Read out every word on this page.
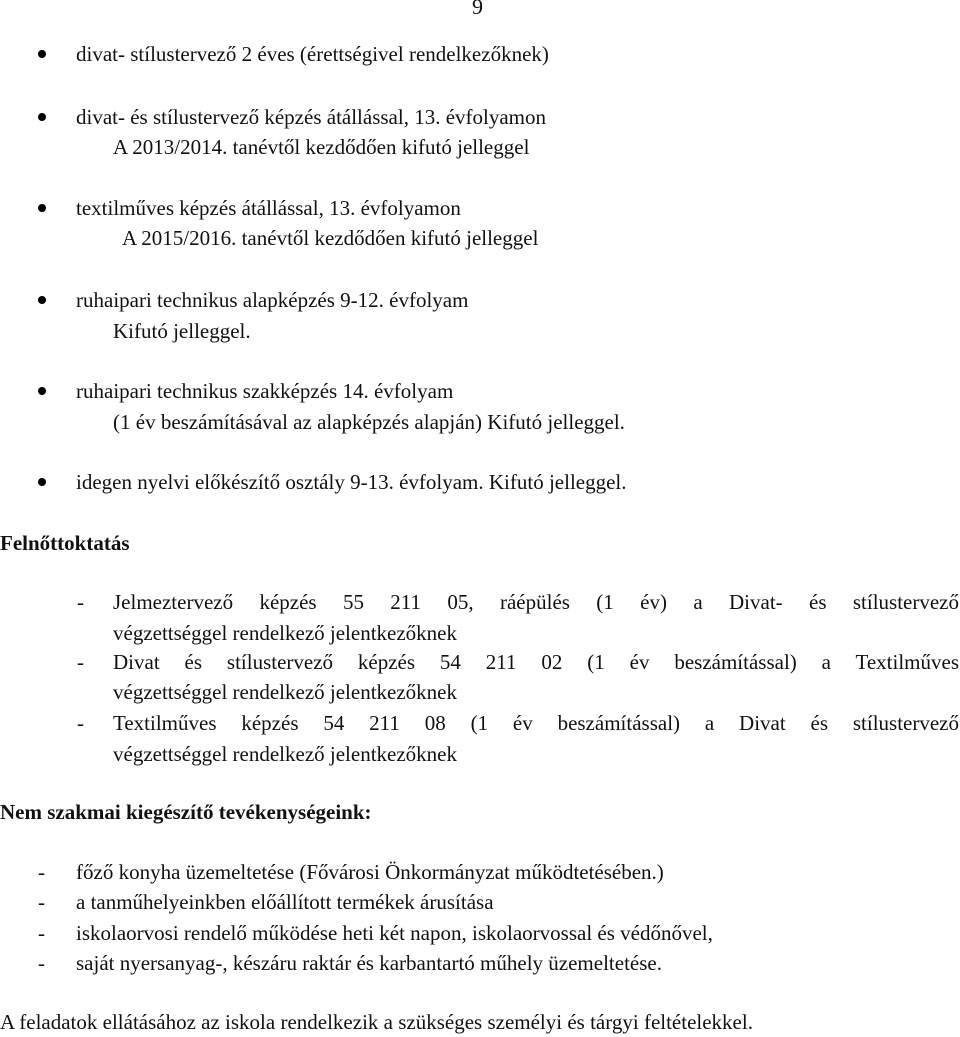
9
divat- stílustervező 2 éves (érettségivel rendelkezőknek)
divat- és stílustervező képzés átállással, 13. évfolyamon
A 2013/2014. tanévtől kezdődően kifutó jelleggel
textilműves képzés átállással, 13. évfolyamon
A 2015/2016. tanévtől kezdődően kifutó jelleggel
ruhaipari technikus alapképzés 9-12. évfolyam
Kifutó jelleggel.
ruhaipari technikus szakképzés 14. évfolyam
(1 év beszámításával az alapképzés alapján) Kifutó jelleggel.
idegen nyelvi előkészítő osztály 9-13. évfolyam. Kifutó jelleggel.
Felnőttoktatás
- Jelmeztervező képzés 55 211 05, ráépülés (1 év) a Divat- és stílustervező
végzettséggel rendelkező jelentkezőknek
- Divat és stílustervező képzés 54 211 02 (1 év beszámítással) a Textilműves
végzettséggel rendelkező jelentkezőknek
- Textilműves képzés 54 211 08 (1 év beszámítással) a Divat és stílustervező
végzettséggel rendelkező jelentkezőknek
Nem szakmai kiegészítő tevékenységeink:
- főző konyha üzemeltetése (Fővárosi Önkormányzat működtetésében.)
- a tanműhelyeinkben előállított termékek árusítása
- iskolaorvosi rendelő működése heti két napon, iskolaorvossal és védőnővel,
- saját nyersanyag-, készáru raktár és karbantartó műhely üzemeltetése.
A feladatok ellátásához az iskola rendelkezik a szükséges személyi és tárgyi feltételekkel.
